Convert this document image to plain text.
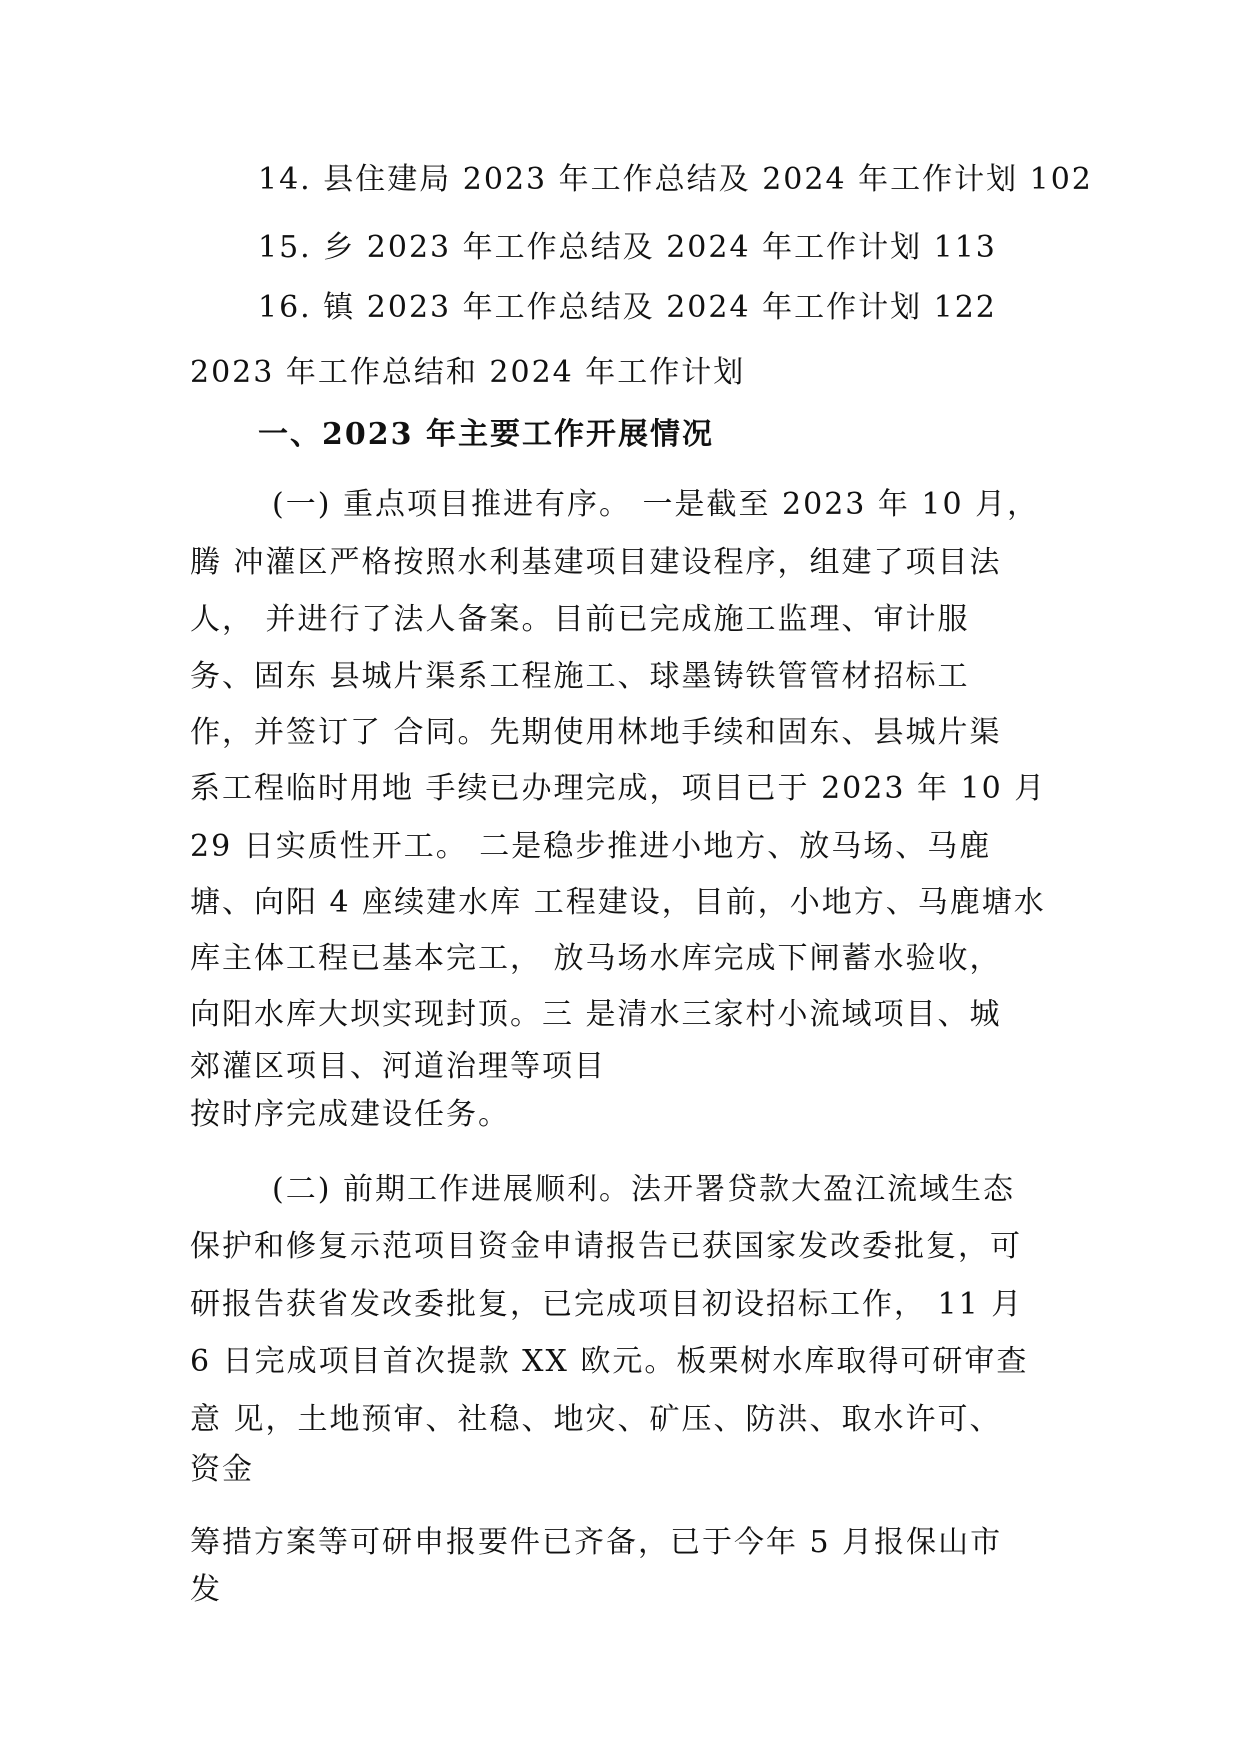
14. 县住建局 2023 年工作总结及 2024 年工作计划 102
15. 乡 2023 年工作总结及 2024 年工作计划 113
16. 镇 2023 年工作总结及 2024 年工作计划 122
2023 年工作总结和 2024 年工作计划
一、2023 年主要工作开展情况
(一) 重点项目推进有序。 一是截至 2023 年 10 月，
腾 冲灌区严格按照水利基建项目建设程序，组建了项目法
人， 并进行了法人备案。目前已完成施工监理、审计服
务、固东 县城片渠系工程施工、球墨铸铁管管材招标工
作，并签订了 合同。先期使用林地手续和固东、县城片渠
系工程临时用地 手续已办理完成，项目已于 2023 年 10 月
29 日实质性开工。 二是稳步推进小地方、放马场、马鹿
塘、向阳 4 座续建水库 工程建设，目前，小地方、马鹿塘水
库主体工程已基本完工， 放马场水库完成下闸蓄水验收，
向阳水库大坝实现封顶。三 是清水三家村小流域项目、城
郊灌区项目、河道治理等项目
按时序完成建设任务。
(二) 前期工作进展顺利。法开署贷款大盈江流域生态
保护和修复示范项目资金申请报告已获国家发改委批复，可
研报告获省发改委批复，已完成项目初设招标工作， 11 月
6 日完成项目首次提款 XX 欧元。板栗树水库取得可研审查
意 见，土地预审、社稳、地灾、矿压、防洪、取水许可、
资金
筹措方案等可研申报要件已齐备，已于今年 5 月报保山市
发
